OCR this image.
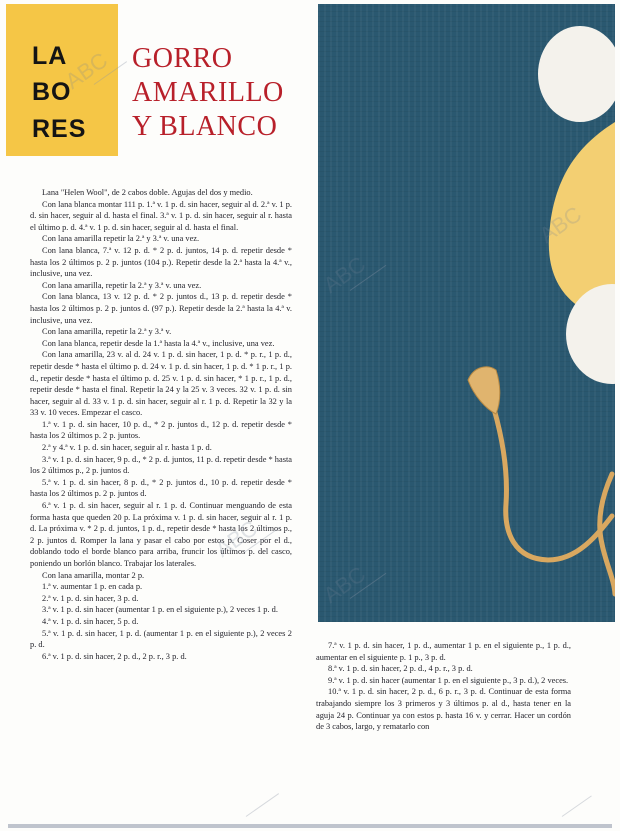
LA
BO
RES
GORRO
AMARILLO
Y BLANCO

Lana "Helen Wool", de 2 cabos doble. Agujas del dos y medio.

Con lana blanca montar 111 p. 1.ª v. 1 p. d. sin hacer, seguir al d. 2.ª v. 1 p. d. sin hacer, seguir al d. hasta el final. 3.ª v. 1 p. d. sin hacer, seguir al r. hasta el último p. d. 4.ª v. 1 p. d. sin hacer, seguir al d. hasta el final.

Con lana amarilla repetir la 2.ª y 3.ª v. una vez.

Con lana blanca, 7.ª v. 12 p. d. * 2 p. d. juntos, 14 p. d. repetir desde * hasta los 2 últimos p. 2 p. juntos (104 p.). Repetir desde la 2.ª hasta la 4.ª v., inclusive, una vez.

Con lana amarilla, repetir la 2.ª y 3.ª v. una vez.

Con lana blanca, 13 v. 12 p. d. * 2 p. juntos d., 13 p. d. repetir desde * hasta los 2 últimos p. 2 p. juntos d. (97 p.). Repetir desde la 2.ª hasta la 4.ª v. inclusive, una vez.

Con lana amarilla, repetir la 2.ª y 3.ª v.

Con lana blanca, repetir desde la 1.ª hasta la 4.ª v., inclusive, una vez.

Con lana amarilla, 23 v. al d. 24 v. 1 p. d. sin hacer, 1 p. d. * p. r., 1 p. d., repetir desde * hasta el último p. d. 24 v. 1 p. d. sin hacer, 1 p. d. * 1 p. r., 1 p. d., repetir desde * hasta el último p. d. 25 v. 1 p. d. sin hacer, * 1 p. r., 1 p. d., repetir desde * hasta el final. Repetir la 24 y la 25 v. 3 veces. 32 v. 1 p. d. sin hacer, seguir al d. 33 v. 1 p. d. sin hacer, seguir al r. 1 p. d. Repetir la 32 y la 33 v. 10 veces. Empezar el casco.

1.ª v. 1 p. d. sin hacer, 10 p. d., * 2 p. juntos d., 12 p. d. repetir desde * hasta los 2 últimos p. 2 p. juntos.

2.ª y 4.ª v. 1 p. d. sin hacer, seguir al r. hasta 1 p. d.

3.ª v. 1 p. d. sin hacer, 9 p. d., * 2 p. d. juntos, 11 p. d. repetir desde * hasta los 2 últimos p., 2 p. juntos d.

5.ª v. 1 p. d. sin hacer, 8 p. d., * 2 p. juntos d., 10 p. d. repetir desde * hasta los 2 últimos p. 2 p. juntos d.

6.ª v. 1 p. d. sin hacer, seguir al r. 1 p. d. Continuar menguando de esta forma hasta que queden 20 p. La próxima v. 1 p. d. sin hacer, seguir al r. 1 p. d. La próxima v. * 2 p. d. juntos, 1 p. d., repetir desde * hasta los 2 últimos p., 2 p. juntos d. Romper la lana y pasar el cabo por estos p. Coser por el d., doblando todo el borde blanco para arriba, fruncir los últimos p. del casco, poniendo un borlón blanco. Trabajar los laterales.

Con lana amarilla, montar 2 p.

1.ª v. aumentar 1 p. en cada p.

2.ª v. 1 p. d. sin hacer, 3 p. d.

3.ª v. 1 p. d. sin hacer (aumentar 1 p. en el siguiente p.), 2 veces 1 p. d.

4.ª v. 1 p. d. sin hacer, 5 p. d.

5.ª v. 1 p. d. sin hacer, 1 p. d. (aumentar 1 p. en el siguiente p.), 2 veces 2 p. d.

6.ª v. 1 p. d. sin hacer, 2 p. d., 2 p. r., 3 p. d.

7.ª v. 1 p. d. sin hacer, 1 p. d., aumentar 1 p. en el siguiente p., 1 p. d., aumentar en el siguiente p. 1 p., 3 p. d.

8.ª v. 1 p. d. sin hacer, 2 p. d., 4 p. r., 3 p. d.

9.ª v. 1 p. d. sin hacer (aumentar 1 p. en el siguiente p., 3 p. d.), 2 veces.

10.ª v. 1 p. d. sin hacer, 2 p. d., 6 p. r., 3 p. d. Continuar de esta forma trabajando siempre los 3 primeros y 3 últimos p. al d., hasta tener en la aguja 24 p. Continuar ya con estos p. hasta 16 v. y cerrar. Hacer un cordón de 3 cabos, largo, y rematarlo con

ABC
ABC
ABC
ABC
ABC
